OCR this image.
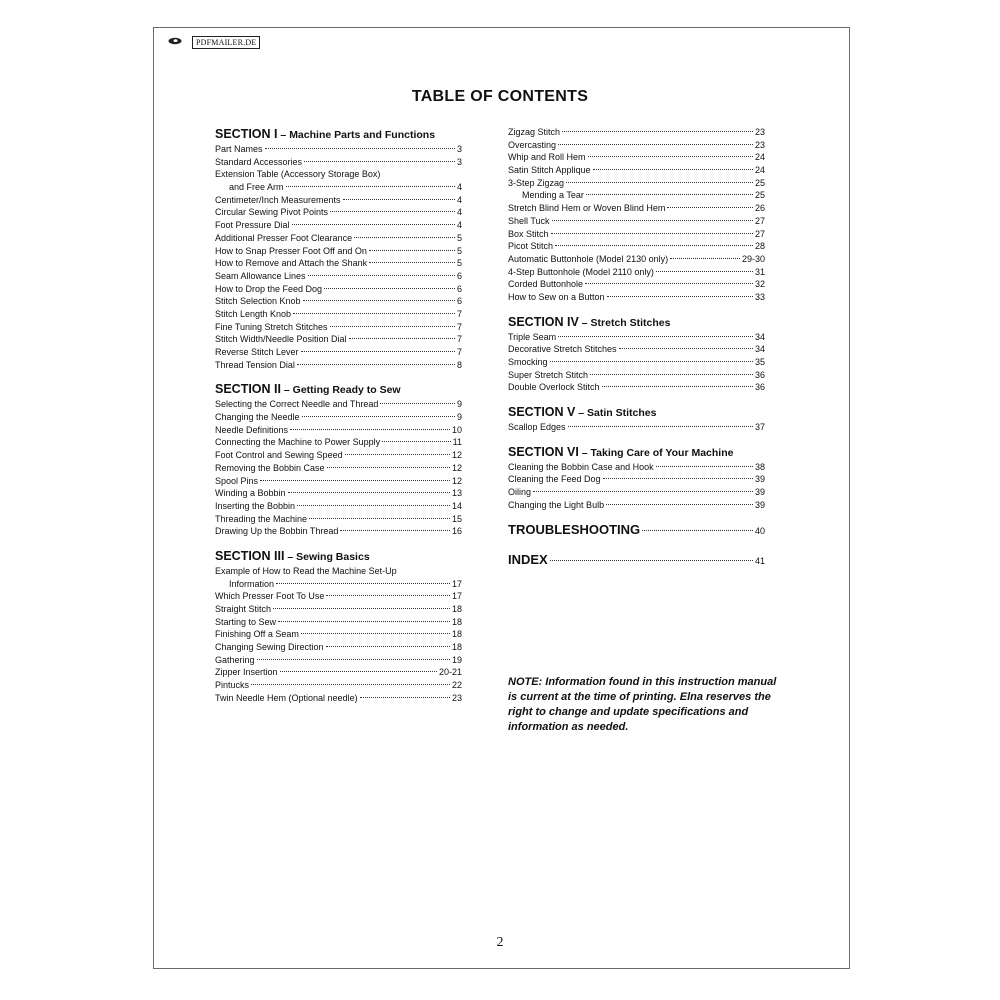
PDFMAILER.DE
TABLE OF CONTENTS
SECTION I – Machine Parts and Functions
Part Names	3
Standard Accessories	3
Extension Table (Accessory Storage Box)
and Free Arm	4
Centimeter/Inch Measurements	4
Circular Sewing Pivot Points	4
Foot Pressure Dial	4
Additional Presser Foot Clearance	5
How to Snap Presser Foot Off and On	5
How to Remove and Attach the Shank	5
Seam Allowance Lines	6
How to Drop the Feed Dog	6
Stitch Selection Knob	6
Stitch Length Knob	7
Fine Tuning Stretch Stitches	7
Stitch Width/Needle Position Dial	7
Reverse Stitch Lever	7
Thread Tension Dial	8
SECTION II – Getting Ready to Sew
Selecting the Correct Needle and Thread	9
Changing the Needle	9
Needle Definitions	10
Connecting the Machine to Power Supply	11
Foot Control and Sewing Speed	12
Removing the Bobbin Case	12
Spool Pins	12
Winding a Bobbin	13
Inserting the Bobbin	14
Threading the Machine	15
Drawing Up the Bobbin Thread	16
SECTION III – Sewing Basics
Example of How to Read the Machine Set-Up
Information	17
Which Presser Foot To Use	17
Straight Stitch	18
Starting to Sew	18
Finishing Off a Seam	18
Changing Sewing Direction	18
Gathering	19
Zipper Insertion	20-21
Pintucks	22
Twin Needle Hem (Optional needle)	23
Zigzag Stitch	23
Overcasting	23
Whip and Roll Hem	24
Satin Stitch Applique	24
3-Step Zigzag	25
Mending a Tear	25
Stretch Blind Hem or Woven Blind Hem	26
Shell Tuck	27
Box Stitch	27
Picot Stitch	28
Automatic Buttonhole (Model 2130 only)	29-30
4-Step Buttonhole (Model 2110 only)	31
Corded Buttonhole	32
How to Sew on a Button	33
SECTION IV – Stretch Stitches
Triple Seam	34
Decorative Stretch Stitches	34
Smocking	35
Super Stretch Stitch	36
Double Overlock Stitch	36
SECTION V – Satin Stitches
Scallop Edges	37
SECTION VI – Taking Care of Your Machine
Cleaning the Bobbin Case and Hook	38
Cleaning the Feed Dog	39
Oiling	39
Changing the Light Bulb	39
TROUBLESHOOTING	40
INDEX	41
NOTE: Information found in this instruction manual is current at the time of printing. Elna reserves the right to change and update specifications and information as needed.
2
